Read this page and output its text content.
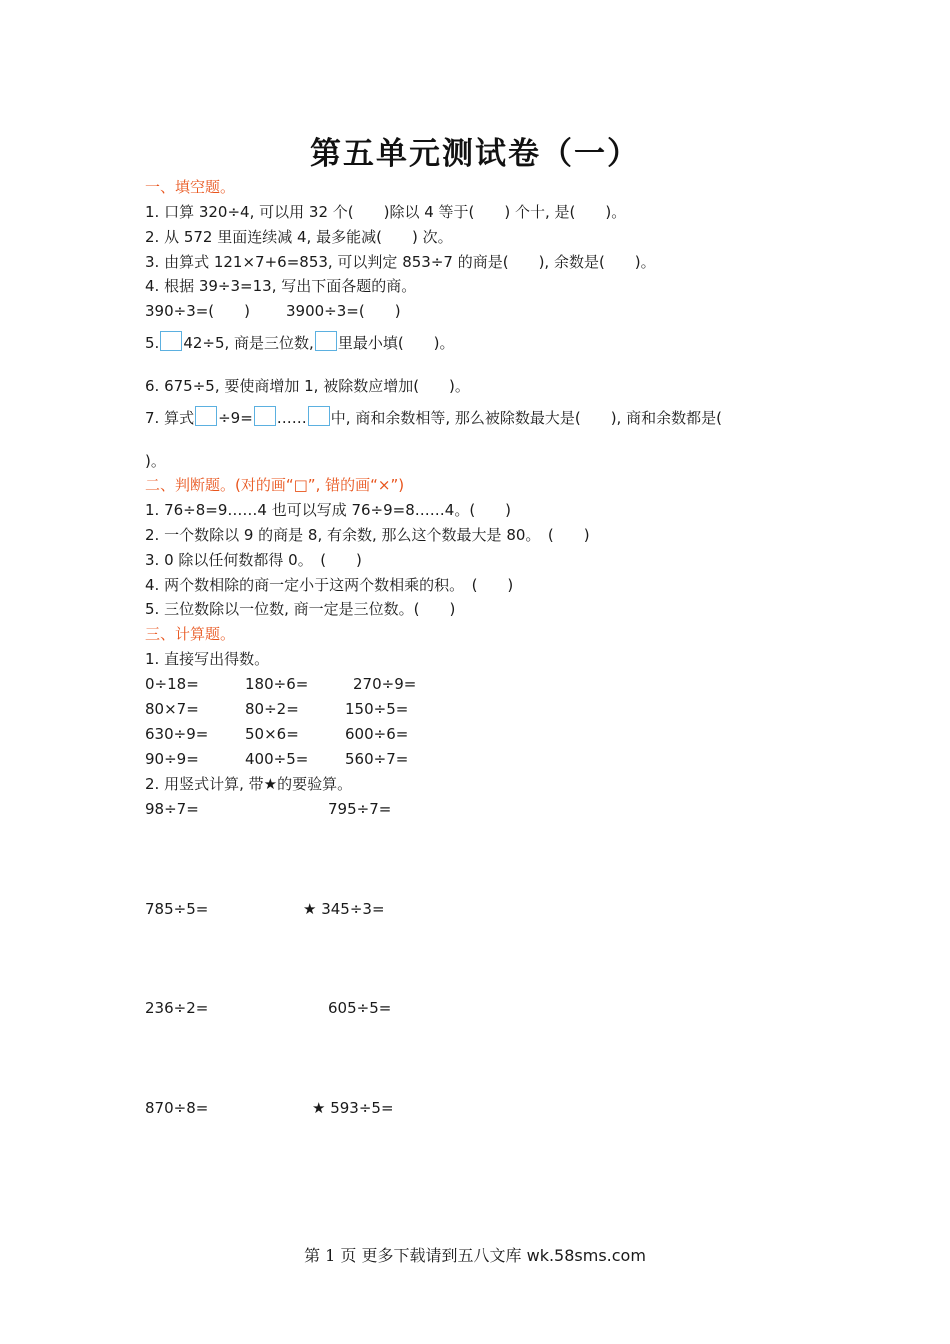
第五单元测试卷（一）
一、填空题。
1. 口算 320÷4, 可以用 32 个(　　)除以 4 等于(　　) 个十, 是(　　)。
2. 从 572 里面连续减 4, 最多能减(　　) 次。
3. 由算式 121×7+6=853, 可以判定 853÷7 的商是(　　), 余数是(　　)。
4. 根据 39÷3=13, 写出下面各题的商。
390÷3=(　　) 3900÷3=(　　)
5. 42÷5, 商是三位数, 里最小填(　　)。
6. 675÷5, 要使商增加 1, 被除数应增加(　　)。
7. 算式 ÷9= …… 中, 商和余数相等, 那么被除数最大是(　　), 商和余数都是(
)。
二、判断题。(对的画“□”, 错的画“×”)
1. 76÷8=9……4 也可以写成 76÷9=8……4。(　　)
2. 一个数除以 9 的商是 8, 有余数, 那么这个数最大是 80。　(　　)
3. 0 除以任何数都得 0。　(　　)
4. 两个数相除的商一定小于这两个数相乘的积。　(　　)
5. 三位数除以一位数, 商一定是三位数。(　　)
三、计算题。
1. 直接写出得数。
0÷18=	180÷6=	270÷9=
80×7=	80÷2=	150÷5=
630÷9= 50×6=	600÷6=
90÷9=	400÷5= 560÷7=
2. 用竖式计算, 带★的要验算。
98÷7=	795÷7=
785÷5=	★ 345÷3=
236÷2=	605÷5=
870÷8=	★ 593÷5=
第 1 页 更多下载请到五八文库 wk.58sms.com
